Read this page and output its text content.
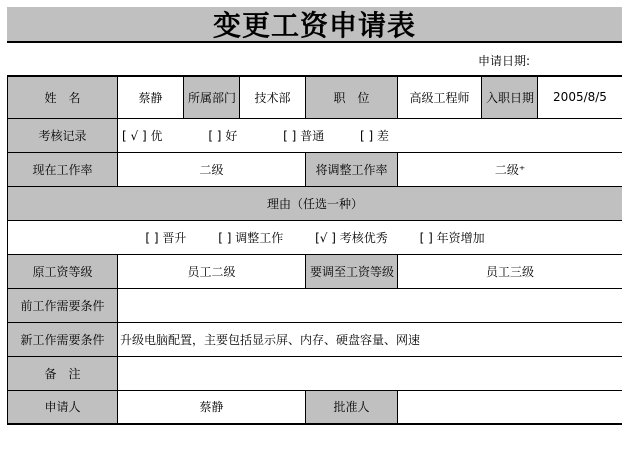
变更工资申请表
申请日期:
姓　名	蔡静	所属部门	技术部	职　位	高级工程师	入职日期	2005/8/5
考核记录	[ √ ] 优 [ ] 好 [ ] 普通 [ ] 差						
现在工作率	二级			将调整工作率	二级⁺		
理由（任选一种）							
[ ] 晋升 [ ] 调整工作 [√ ] 考核优秀 [ ] 年资增加							
原工资等级	员工二级			要调至工资等级	员工三级		
前工作需要条件							
新工作需要条件	升级电脑配置，主要包括显示屏、内存、硬盘容量、网速						
备　注							
申请人	蔡静			批准人			
